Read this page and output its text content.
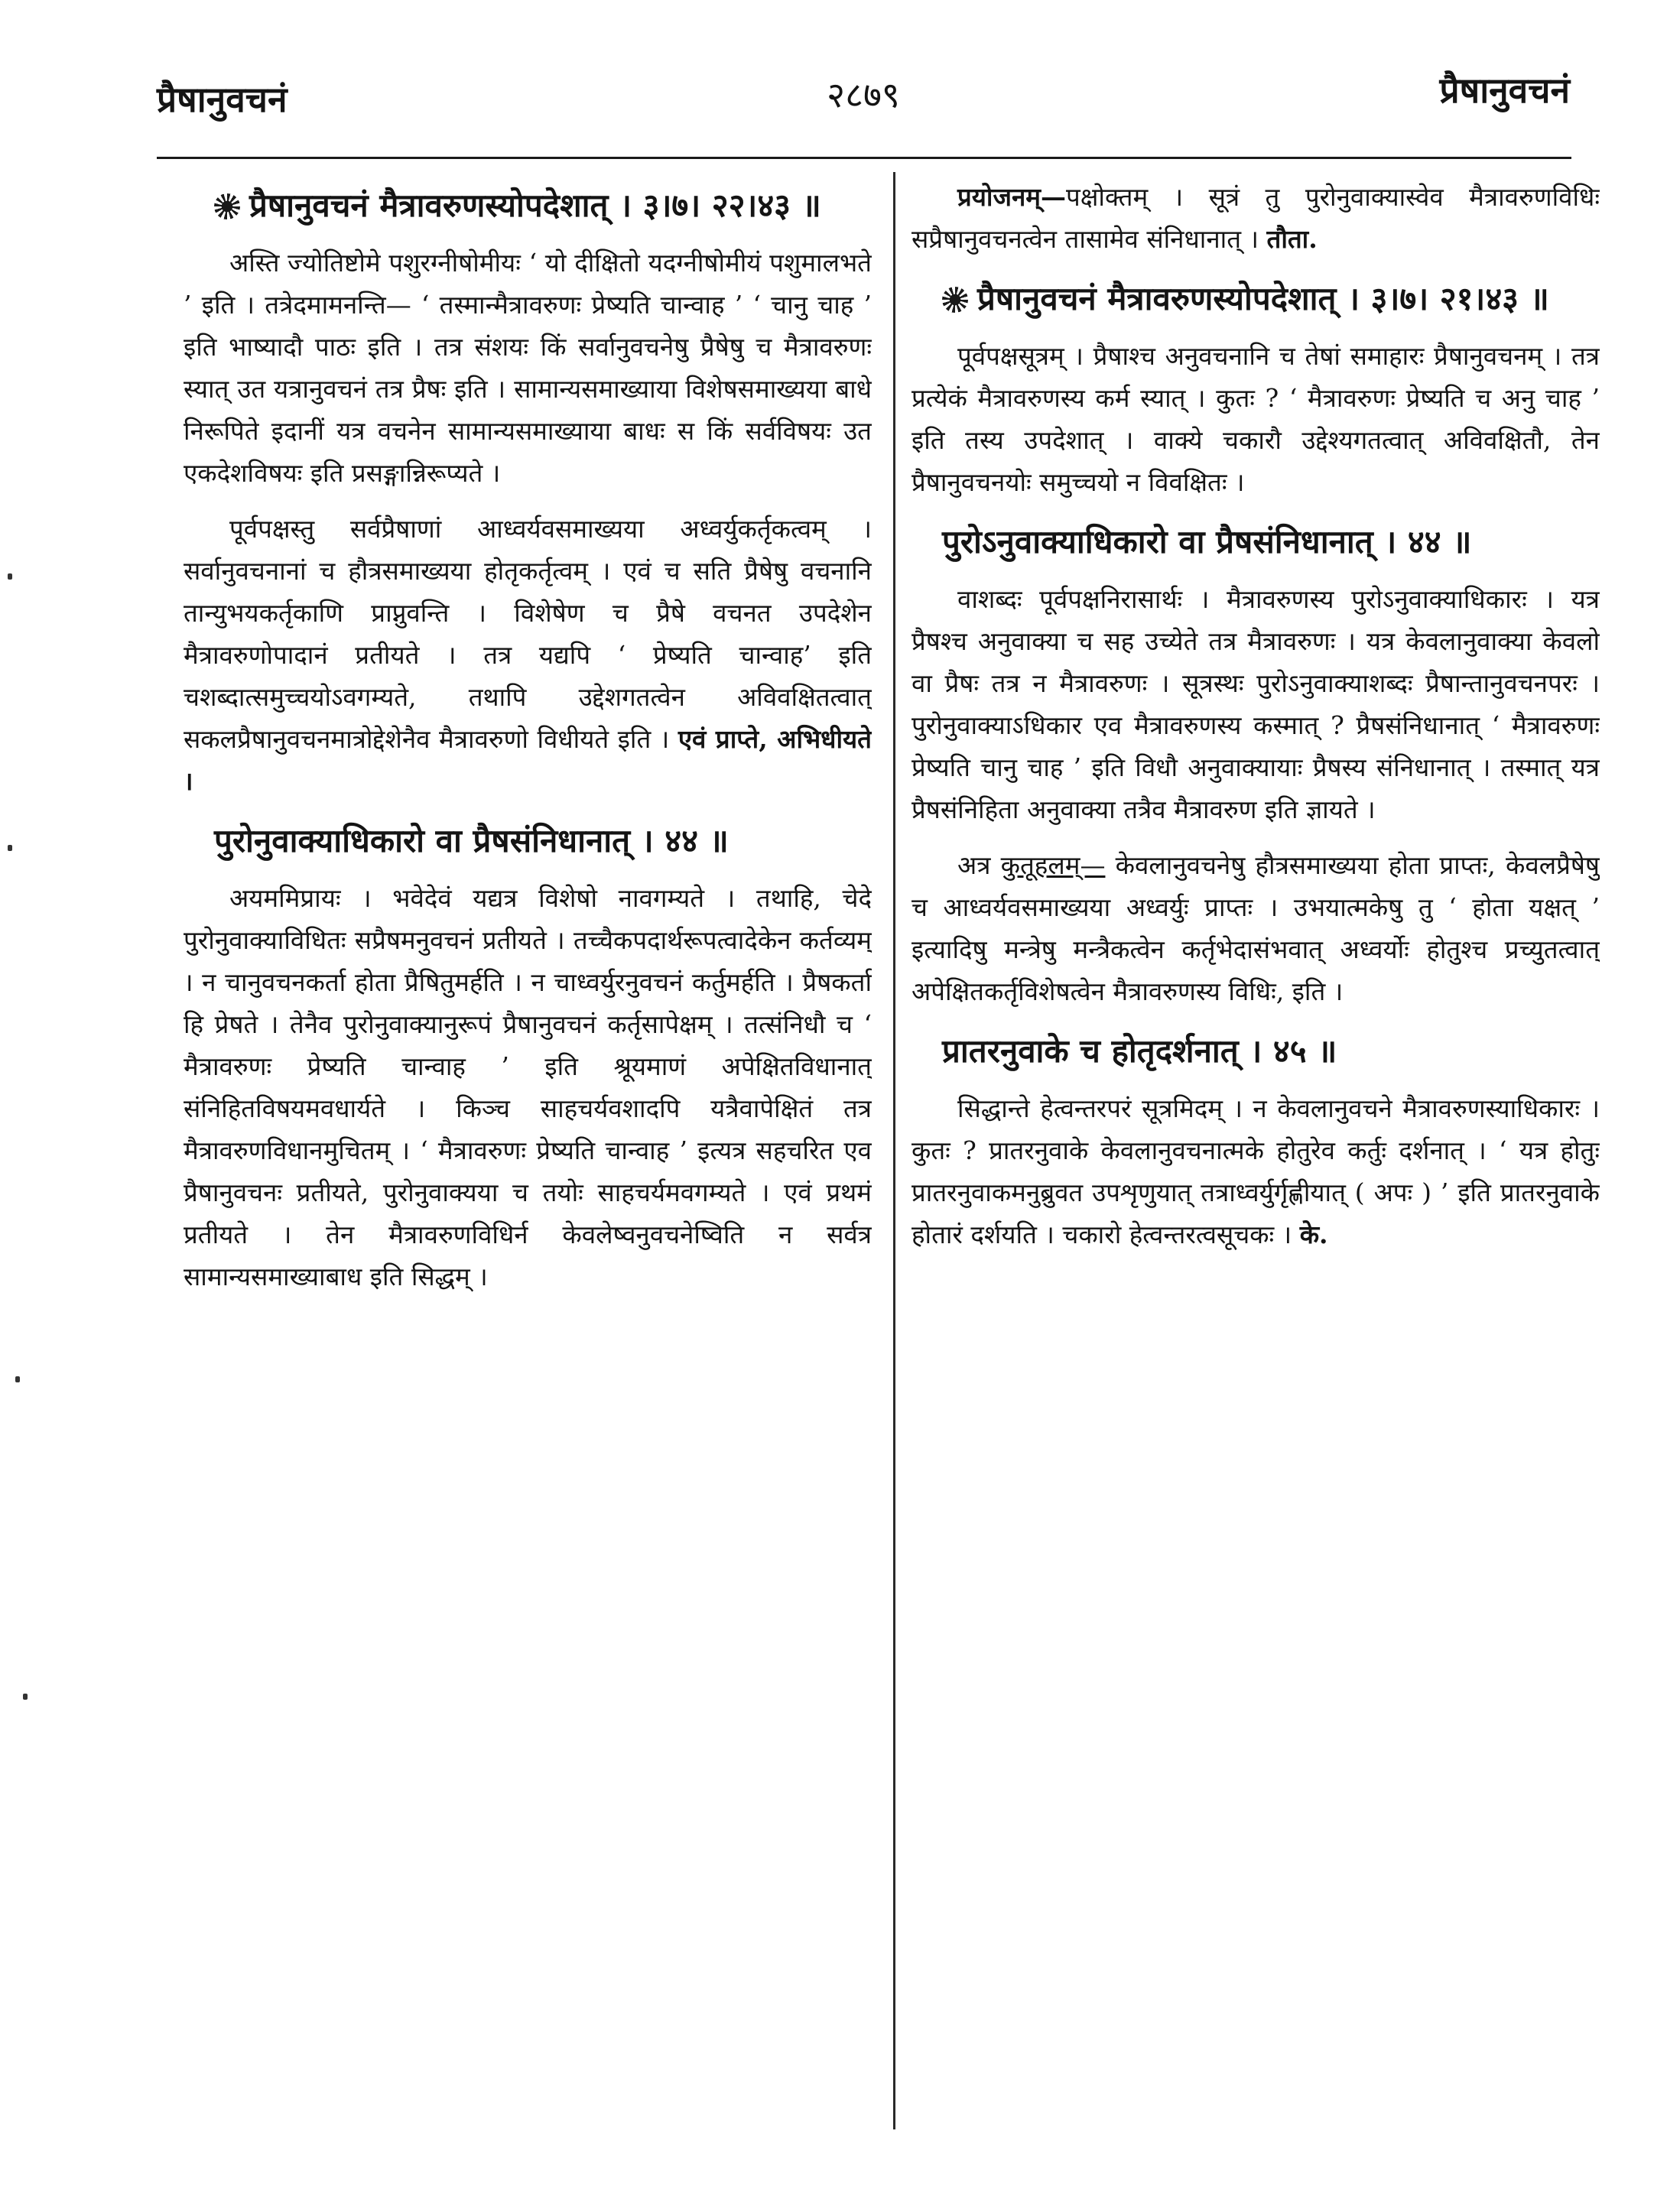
प्रैषानुवचनं	२८७९	प्रैषानुवचनं
प्रैषानुवचनं मैत्रावरुणस्योपदेशात् । ३।७। २२।४३ ॥

अस्ति ज्योतिष्टोमे पशुरग्नीषोमीयः ‘ यो दीक्षितो यदग्नीषोमीयं पशुमालभते ’ इति । तत्रेदमामनन्ति— ‘ तस्मान्मैत्रावरुणः प्रेष्यति चान्वाह ’ ‘ चानु चाह ’ इति भाष्यादौ पाठः इति । तत्र संशयः किं सर्वानुवचनेषु प्रैषेषु च मैत्रावरुणः स्यात् उत यत्रानुवचनं तत्र प्रैषः इति । सामान्यसमाख्याया विशेषसमाख्यया बाधे निरूपिते इदानीं यत्र वचनेन सामान्यसमाख्याया बाधः स किं सर्वविषयः उत एकदेशविषयः इति प्रसङ्गान्निरूप्यते ।

पूर्वपक्षस्तु सर्वप्रैषाणां आध्वर्यवसमाख्यया अध्वर्युकर्तृकत्वम् । सर्वानुवचनानां च हौत्रसमाख्यया होतृकर्तृत्वम् । एवं च सति प्रैषेषु वचनानि तान्युभयकर्तृकाणि प्राप्नुवन्ति । विशेषेण च प्रैषे वचनत उपदेशेन मैत्रावरुणोपादानं प्रतीयते । तत्र यद्यपि ‘ प्रेष्यति चान्वाह’ इति चशब्दात्समुच्चयोऽवगम्यते, तथापि उद्देशगतत्वेन अविवक्षितत्वात् सकलप्रैषानुवचनमात्रोद्देशेनैव मैत्रावरुणो विधीयते इति । एवं प्राप्ते, अभिधीयते ।

पुरोनुवाक्याधिकारो वा प्रैषसंनिधानात् । ४४ ॥

अयममिप्रायः । भवेदेवं यद्यत्र विशेषो नावगम्यते । तथाहि, चेदे पुरोनुवाक्याविधितः सप्रैषमनुवचनं प्रतीयते । तच्चैकपदार्थरूपत्वादेकेन कर्तव्यम् । न चानुवचनकर्ता होता प्रैषितुमर्हति । न चाध्वर्युरनुवचनं कर्तुमर्हति । प्रैषकर्ता हि प्रेषते । तेनैव पुरोनुवाक्यानुरूपं प्रैषानुवचनं कर्तृसापेक्षम् । तत्संनिधौ च ‘ मैत्रावरुणः प्रेष्यति चान्वाह ’ इति श्रूयमाणं अपेक्षितविधानात् संनिहितविषयमवधार्यते । किञ्च साहचर्यवशादपि यत्रैवापेक्षितं तत्र मैत्रावरुणविधानमुचितम् । ‘ मैत्रावरुणः प्रेष्यति चान्वाह ’ इत्यत्र सहचरित एव प्रैषानुवचनः प्रतीयते, पुरोनुवाक्यया च तयोः साहचर्यमवगम्यते । एवं प्रथमं प्रतीयते । तेन मैत्रावरुणविधिर्न केवलेष्वनुवचनेष्विति न सर्वत्र सामान्यसमाख्याबाध इति सिद्धम् ।

प्रयोजनम्—पक्षोक्तम् । सूत्रं तु पुरोनुवाक्यास्वेव मैत्रावरुणविधिः सप्रैषानुवचनत्वेन तासामेव संनिधानात् । तौता.

प्रैषानुवचनं मैत्रावरुणस्योपदेशात् । ३।७। २१।४३ ॥

पूर्वपक्षसूत्रम् । प्रैषाश्च अनुवचनानि च तेषां समाहारः प्रैषानुवचनम् । तत्र प्रत्येकं मैत्रावरुणस्य कर्म स्यात् । कुतः ? ‘ मैत्रावरुणः प्रेष्यति च अनु चाह ’ इति तस्य उपदेशात् । वाक्ये चकारौ उद्देश्यगतत्वात् अविवक्षितौ, तेन प्रैषानुवचनयोः समुच्चयो न विवक्षितः ।

पुरोऽनुवाक्याधिकारो वा प्रैषसंनिधानात् । ४४ ॥

वाशब्दः पूर्वपक्षनिरासार्थः । मैत्रावरुणस्य पुरोऽनुवाक्याधिकारः । यत्र प्रैषश्च अनुवाक्या च सह उच्येते तत्र मैत्रावरुणः । यत्र केवलानुवाक्या केवलो वा प्रैषः तत्र न मैत्रावरुणः । सूत्रस्थः पुरोऽनुवाक्याशब्दः प्रैषान्तानुवचनपरः । पुरोनुवाक्याऽधिकार एव मैत्रावरुणस्य कस्मात् ? प्रैषसंनिधानात् ‘ मैत्रावरुणः प्रेष्यति चानु चाह ’ इति विधौ अनुवाक्यायाः प्रैषस्य संनिधानात् । तस्मात् यत्र प्रैषसंनिहिता अनुवाक्या तत्रैव मैत्रावरुण इति ज्ञायते ।

अत्र कुतूहलम्— केवलानुवचनेषु हौत्रसमाख्यया होता प्राप्तः, केवलप्रैषेषु च आध्वर्यवसमाख्यया अध्वर्युः प्राप्तः । उभयात्मकेषु तु ‘ होता यक्षत् ’ इत्यादिषु मन्त्रेषु मन्त्रैकत्वेन कर्तृभेदासंभवात् अध्वर्योः होतुश्च प्रच्युतत्वात् अपेक्षितकर्तृविशेषत्वेन मैत्रावरुणस्य विधिः, इति ।

प्रातरनुवाके च होतृदर्शनात् । ४५ ॥

सिद्धान्ते हेत्वन्तरपरं सूत्रमिदम् । न केवलानुवचने मैत्रावरुणस्याधिकारः । कुतः ? प्रातरनुवाके केवलानुवचनात्मके होतुरेव कर्तुः दर्शनात् । ‘ यत्र होतुः प्रातरनुवाकमनुब्रुवत उपशृणुयात् तत्राध्वर्युर्गृह्णीयात् ( अपः ) ’ इति प्रातरनुवाके होतारं दर्शयति । चकारो हेत्वन्तरत्वसूचकः । के.
